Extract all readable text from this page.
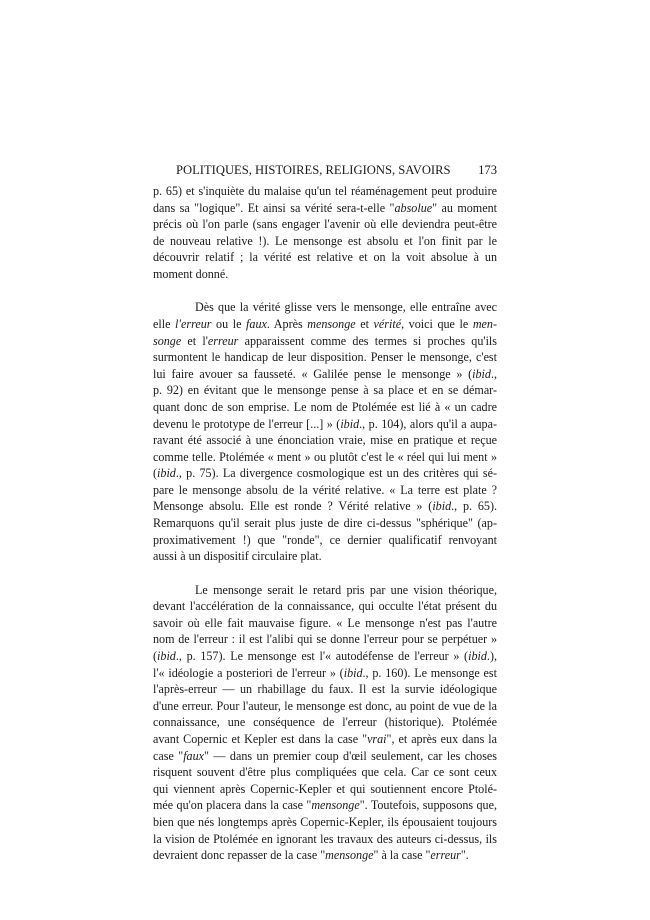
POLITIQUES, HISTOIRES, RELIGIONS, SAVOIRS 173

p. 65) et s'inquiète du malaise qu'un tel réaménagement peut produire
dans sa "logique". Et ainsi sa vérité sera-t-elle "absolue" au moment
précis où l'on parle (sans engager l'avenir où elle deviendra peut-être
de nouveau relative !). Le mensonge est absolu et l'on finit par le
découvrir relatif ; la vérité est relative et on la voit absolue à un
moment donné.

Dès que la vérité glisse vers le mensonge, elle entraîne avec
elle l'erreur ou le faux. Après mensonge et vérité, voici que le men-
songe et l'erreur apparaissent comme des termes si proches qu'ils
surmontent le handicap de leur disposition. Penser le mensonge, c'est
lui faire avouer sa fausseté. « Galilée pense le mensonge » (ibid.,
p. 92) en évitant que le mensonge pense à sa place et en se démar-
quant donc de son emprise. Le nom de Ptolémée est lié à « un cadre
devenu le prototype de l'erreur [...] » (ibid., p. 104), alors qu'il a aupa-
ravant été associé à une énonciation vraie, mise en pratique et reçue
comme telle. Ptolémée « ment » ou plutôt c'est le « réel qui lui ment »
(ibid., p. 75). La divergence cosmologique est un des critères qui sé-
pare le mensonge absolu de la vérité relative. « La terre est plate ?
Mensonge absolu. Elle est ronde ? Vérité relative » (ibid., p. 65).
Remarquons qu'il serait plus juste de dire ci-dessus "sphérique" (ap-
proximativement !) que "ronde", ce dernier qualificatif renvoyant
aussi à un dispositif circulaire plat.

Le mensonge serait le retard pris par une vision théorique,
devant l'accélération de la connaissance, qui occulte l'état présent du
savoir où elle fait mauvaise figure. « Le mensonge n'est pas l'autre
nom de l'erreur : il est l'alibi qui se donne l'erreur pour se perpétuer »
(ibid., p. 157). Le mensonge est l'« autodéfense de l'erreur » (ibid.),
l'« idéologie a posteriori de l'erreur » (ibid., p. 160). Le mensonge est
l'après-erreur — un rhabillage du faux. Il est la survie idéologique
d'une erreur. Pour l'auteur, le mensonge est donc, au point de vue de la
connaissance, une conséquence de l'erreur (historique). Ptolémée
avant Copernic et Kepler est dans la case "vrai", et après eux dans la
case "faux" — dans un premier coup d'œil seulement, car les choses
risquent souvent d'être plus compliquées que cela. Car ce sont ceux
qui viennent après Copernic-Kepler et qui soutiennent encore Ptolé-
mée qu'on placera dans la case "mensonge". Toutefois, supposons que,
bien que nés longtemps après Copernic-Kepler, ils épousaient toujours
la vision de Ptolémée en ignorant les travaux des auteurs ci-dessus, ils
devraient donc repasser de la case "mensonge" à la case "erreur".
